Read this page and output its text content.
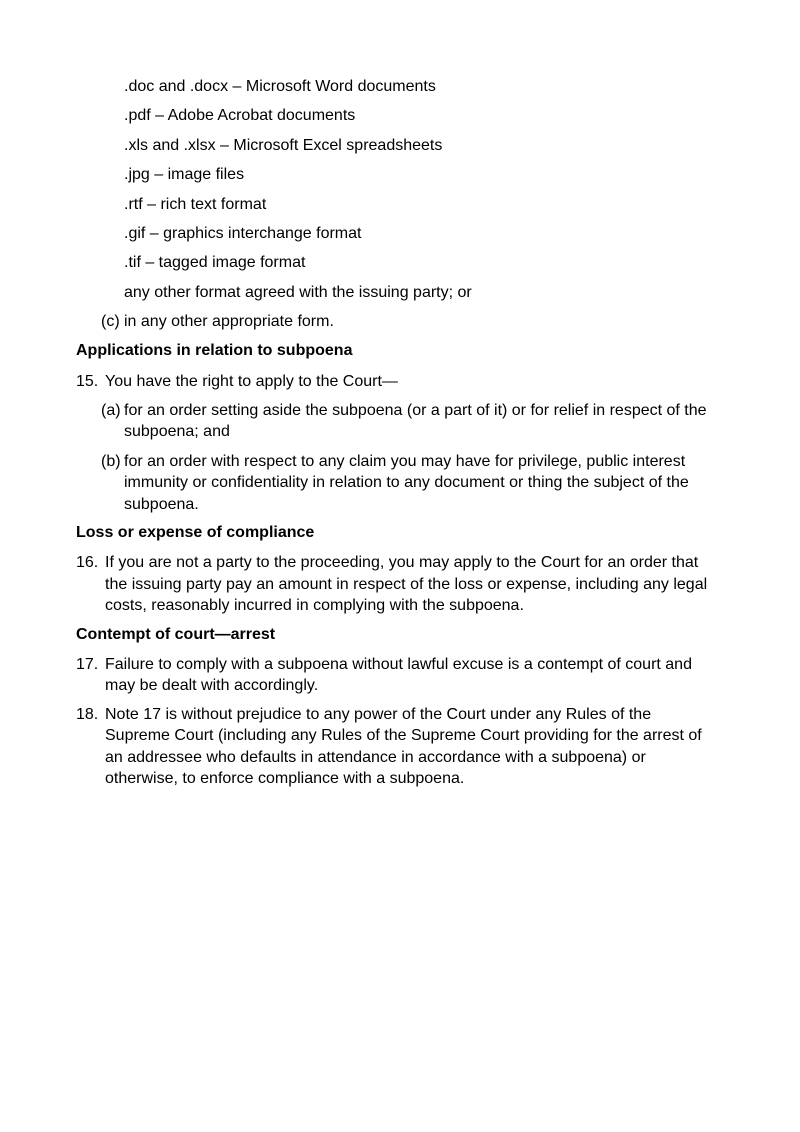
.doc and .docx – Microsoft Word documents
.pdf – Adobe Acrobat documents
.xls and .xlsx – Microsoft Excel spreadsheets
.jpg – image files
.rtf – rich text format
.gif – graphics interchange format
.tif – tagged image format
any other format agreed with the issuing party; or
(c) in any other appropriate form.
Applications in relation to subpoena
15. You have the right to apply to the Court—
(a) for an order setting aside the subpoena (or a part of it) or for relief in respect of the
subpoena; and
(b) for an order with respect to any claim you may have for privilege, public interest
immunity or confidentiality in relation to any document or thing the subject of the
subpoena.
Loss or expense of compliance
16. If you are not a party to the proceeding, you may apply to the Court for an order that
the issuing party pay an amount in respect of the loss or expense, including any legal
costs, reasonably incurred in complying with the subpoena.
Contempt of court—arrest
17. Failure to comply with a subpoena without lawful excuse is a contempt of court and
may be dealt with accordingly.
18. Note 17 is without prejudice to any power of the Court under any Rules of the
Supreme Court (including any Rules of the Supreme Court providing for the arrest of
an addressee who defaults in attendance in accordance with a subpoena) or
otherwise, to enforce compliance with a subpoena.
